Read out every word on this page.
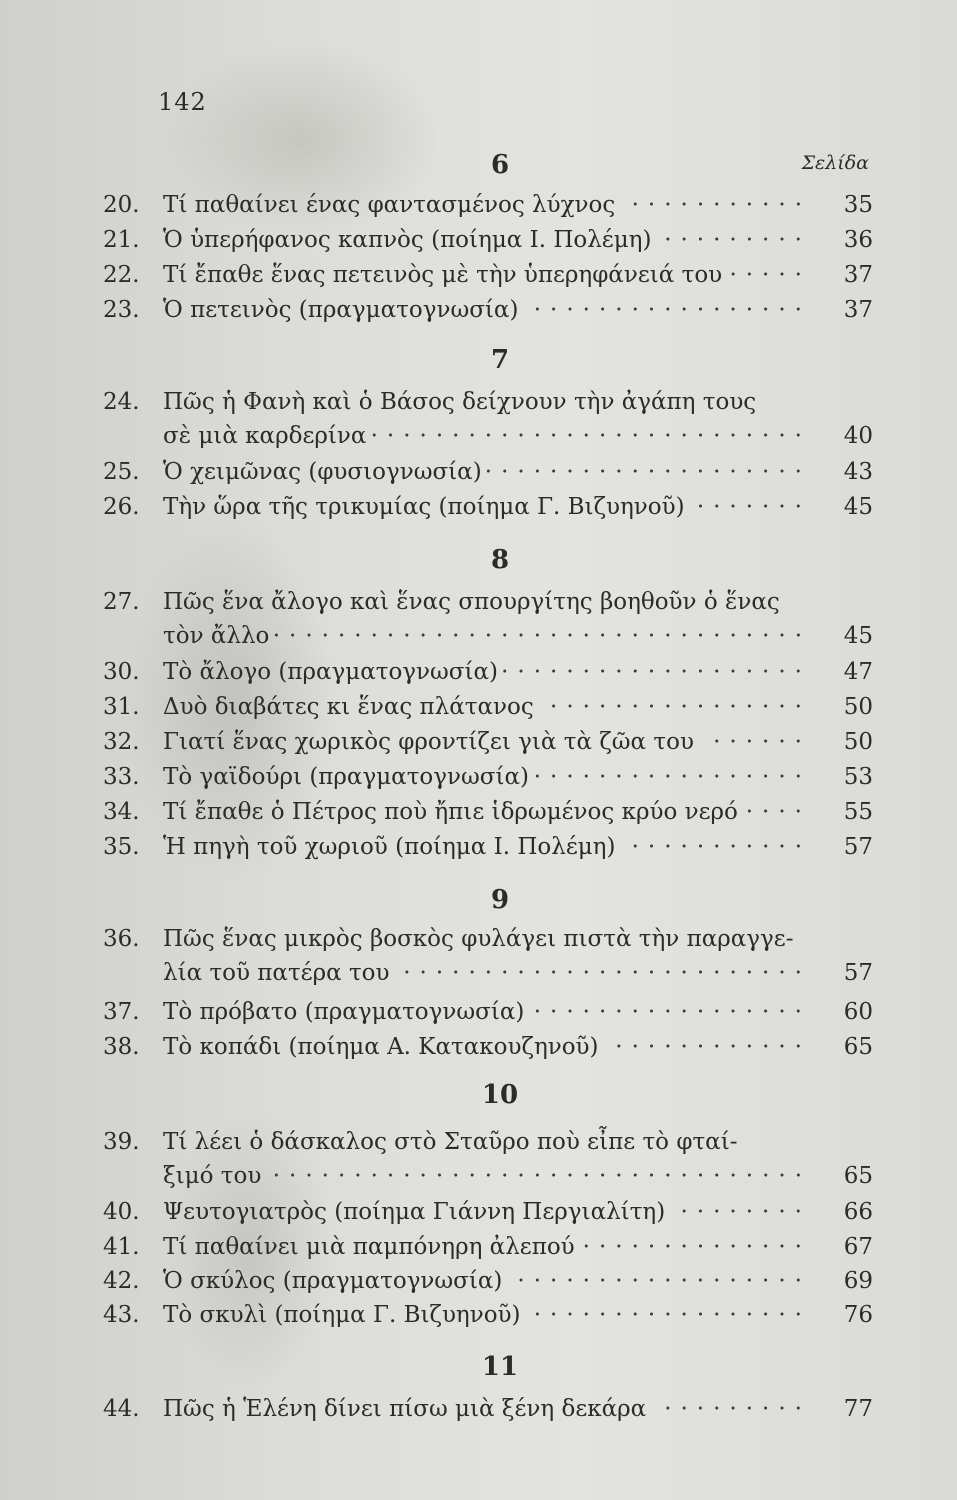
142
Σελίδα
6
20.	Τί παθαίνει ένας φαντασμένος λύχνος	35
···········
21.	Ὁ ὑπερήφανος καπνὸς (ποίημα Ι. Πολέμη)	36
·········
22.	Τί ἔπαθε ἕνας πετεινὸς μὲ τὴν ὑπερηφάνειά του	37
·····
23.	Ὁ πετεινὸς (πραγματογνωσία)	37
·················
7
24.	Πῶς ἡ Φανὴ καὶ ὁ Βάσος δείχνουν τὴν ἀγάπη τους
σὲ μιὰ καρδερίνα	40
···························
25.	Ὁ χειμῶνας (φυσιογνωσία)	43
····················
26.	Τὴν ὥρα τῆς τρικυμίας (ποίημα Γ. Βιζυηνοῦ)	45
·······
8
27.	Πῶς ἕνα ἄλογο καὶ ἕνας σπουργίτης βοηθοῦν ὁ ἕνας
τὸν ἄλλο	45
·································
30.	Τὸ ἄλογο (πραγματογνωσία)	47
···················
31.	Δυὸ διαβάτες κι ἕνας πλάτανος	50
················
32.	Γιατί ἕνας χωρικὸς φροντίζει γιὰ τὰ ζῶα του	50
······
33.	Τὸ γαϊδούρι (πραγματογνωσία)	53
·················
34.	Τί ἔπαθε ὁ Πέτρος ποὺ ἤπιε ἱδρωμένος κρύο νερό	55
····
35.	Ἡ πηγὴ τοῦ χωριοῦ (ποίημα Ι. Πολέμη)	57
···········
9
36.	Πῶς ἕνας μικρὸς βοσκὸς φυλάγει πιστὰ τὴν παραγγε-
λία τοῦ πατέρα του	57
·························
37.	Τὸ πρόβατο (πραγματογνωσία)	60
·················
38.	Τὸ κοπάδι (ποίημα Α. Κατακουζηνοῦ)	65
············
10
39.	Τί λέει ὁ δάσκαλος στὸ Σταῦρο ποὺ εἶπε τὸ φταί-
ξιμό του	65
·································
40.	Ψευτογιατρὸς (ποίημα Γιάννη Περγιαλίτη)	66
········
41.	Τί παθαίνει μιὰ παμπόνηρη ἀλεπού	67
··············
42.	Ὁ σκύλος (πραγματογνωσία)	69
··················
43.	Τὸ σκυλὶ (ποίημα Γ. Βιζυηνοῦ)	76
·················
11
44.	Πῶς ἡ Ἑλένη δίνει πίσω μιὰ ξένη δεκάρα	77
·········
